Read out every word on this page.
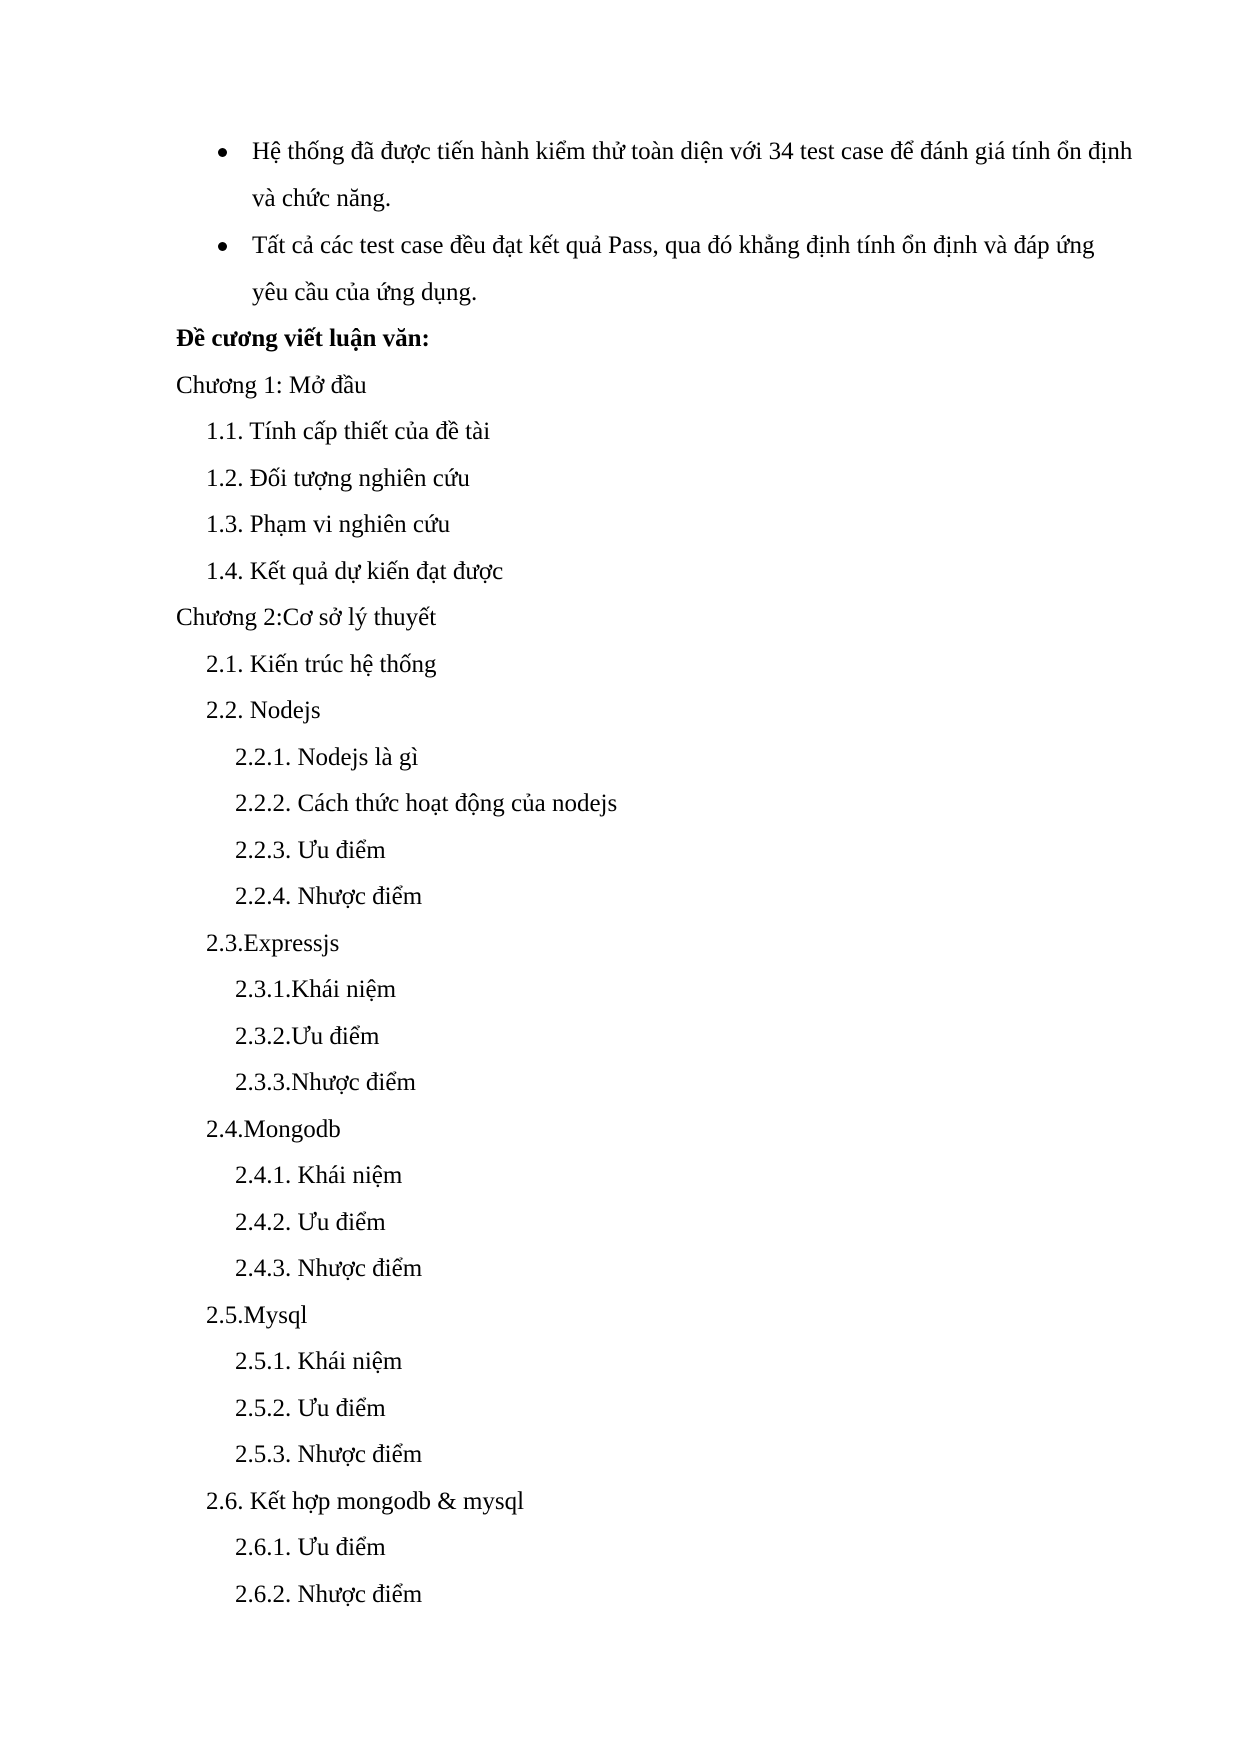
Hệ thống đã được tiến hành kiểm thử toàn diện với 34 test case để đánh giá tính ổn định và chức năng.
Tất cả các test case đều đạt kết quả Pass, qua đó khẳng định tính ổn định và đáp ứng yêu cầu của ứng dụng.
Đề cương viết luận văn:
Chương 1: Mở đầu
1.1. Tính cấp thiết của đề tài
1.2. Đối tượng nghiên cứu
1.3. Phạm vi nghiên cứu
1.4. Kết quả dự kiến đạt được
Chương 2:Cơ sở lý thuyết
2.1. Kiến trúc hệ thống
2.2. Nodejs
2.2.1. Nodejs là gì
2.2.2. Cách thức hoạt động của nodejs
2.2.3. Ưu điểm
2.2.4. Nhược điểm
2.3.Expressjs
2.3.1.Khái niệm
2.3.2.Ưu điểm
2.3.3.Nhược điểm
2.4.Mongodb
2.4.1. Khái niệm
2.4.2. Ưu điểm
2.4.3. Nhược điểm
2.5.Mysql
2.5.1. Khái niệm
2.5.2. Ưu điểm
2.5.3. Nhược điểm
2.6. Kết hợp mongodb & mysql
2.6.1. Ưu điểm
2.6.2. Nhược điểm
